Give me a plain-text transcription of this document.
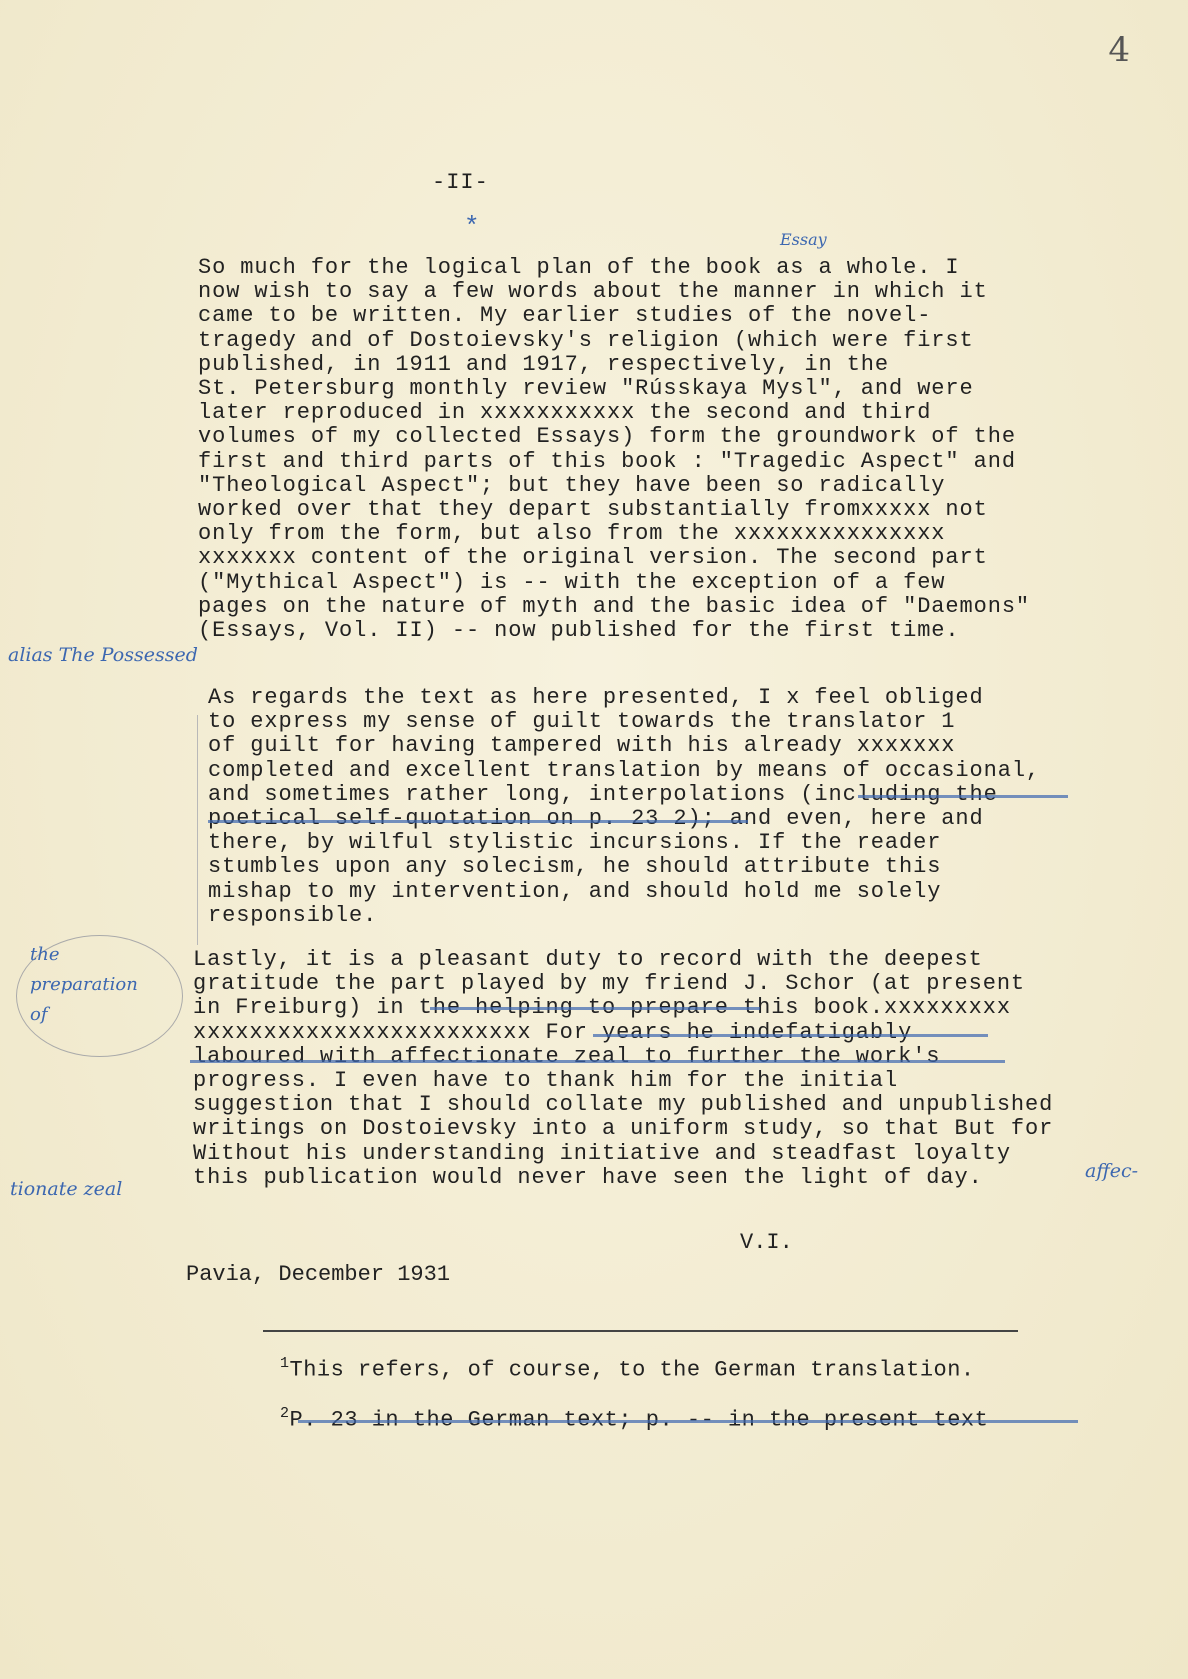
4
-II-
*	Essay
So much for the logical plan of the book as a whole. I
now wish to say a few words about the manner in which it
came to be written. My earlier studies of the novel-
tragedy and of Dostoievsky's religion (which were first
published, in 1911 and 1917, respectively, in the
St. Petersburg monthly review "Rússkaya Mysl", and were
later reproduced in xxxxxxxxxxx the second and third
volumes of my collected Essays) form the groundwork of the
first and third parts of this book : "Tragedic Aspect" and
"Theological Aspect"; but they have been so radically
worked over that they depart substantially fromxxxxx not
only from the form, but also from the xxxxxxxxxxxxxxx
xxxxxxx content of the original version. The second part
("Mythical Aspect") is -- with the exception of a few
pages on the nature of myth and the basic idea of "Daemons"
(Essays, Vol. II) -- now published for the first time.
alias The Possessed
As regards the text as here presented, I x feel obliged
to express my sense of guilt towards the translator 1
of guilt for having tampered with his already xxxxxxx
completed and excellent translation by means of occasional,
and sometimes rather long, interpolations (including the
poetical self-quotation on p. 23 2); and even, here and
there, by wilful stylistic incursions. If the reader
stumbles upon any solecism, he should attribute this
mishap to my intervention, and should hold me solely
responsible.
the
preparation
of
Lastly, it is a pleasant duty to record with the deepest
gratitude the part played by my friend J. Schor (at present
in Freiburg) in the helping to prepare this book.xxxxxxxxx
xxxxxxxxxxxxxxxxxxxxxxxx For years he indefatigably
laboured with affectionate zeal to further the work's
progress. I even have to thank him for the initial
suggestion that I should collate my published and unpublished
writings on Dostoievsky into a uniform study, so that But for
Without his understanding initiative and steadfast loyalty
this publication would never have seen the light of day.
tionate zeal
affec-
V.I.
Pavia, December 1931
$^1$This refers, of course, to the German translation.
$^2$P. 23 in the German text; p. -- in the present text
